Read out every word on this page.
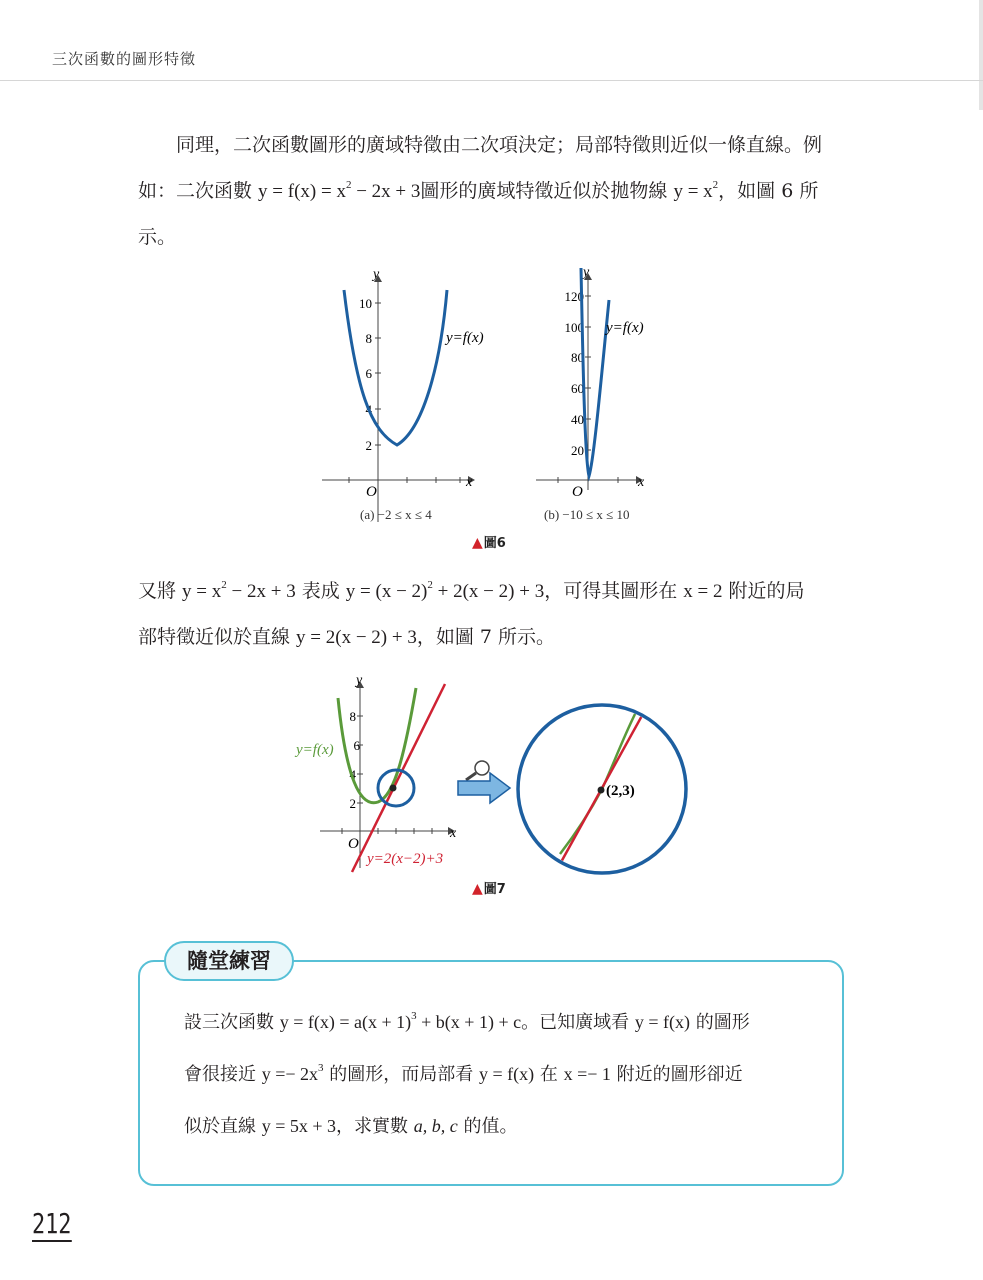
三次函數的圖形特徵
同理，二次函數圖形的廣域特徵由二次項決定；局部特徵則近似一條直線。例
如：二次函數 $y = f(x) = x^2 - 2x + 3$圖形的廣域特徵近似於拋物線 $y = x^2$，如圖 6 所
示。
10
8
6
4
2
O
x
y
y=f(x)
120
100
80
60
40
20
O
x
y
y=f(x)
(a) −2 ≤ x ≤ 4	(b) −10 ≤ x ≤ 10
▲圖6
又將 $y = x^2 - 2x + 3$ 表成 $y = (x - 2)^2 + 2(x - 2) + 3$，可得其圖形在 x = 2 附近的局
部特徵近似於直線 y = 2(x − 2) + 3，如圖 7 所示。
8
6
4
2
O
x
y
y=f(x)
y=2(x−2)+3
(2,3)
▲圖7
隨堂練習
設三次函數 $y = f(x) = a(x + 1)^3 + b(x + 1) + c$。已知廣域看 y = f(x) 的圖形
會很接近 $y =- 2x^3$ 的圖形，而局部看 y = f(x) 在 x =− 1 附近的圖形卻近
似於直線 y = 5x + 3，求實數 a, b, c 的值。
212
